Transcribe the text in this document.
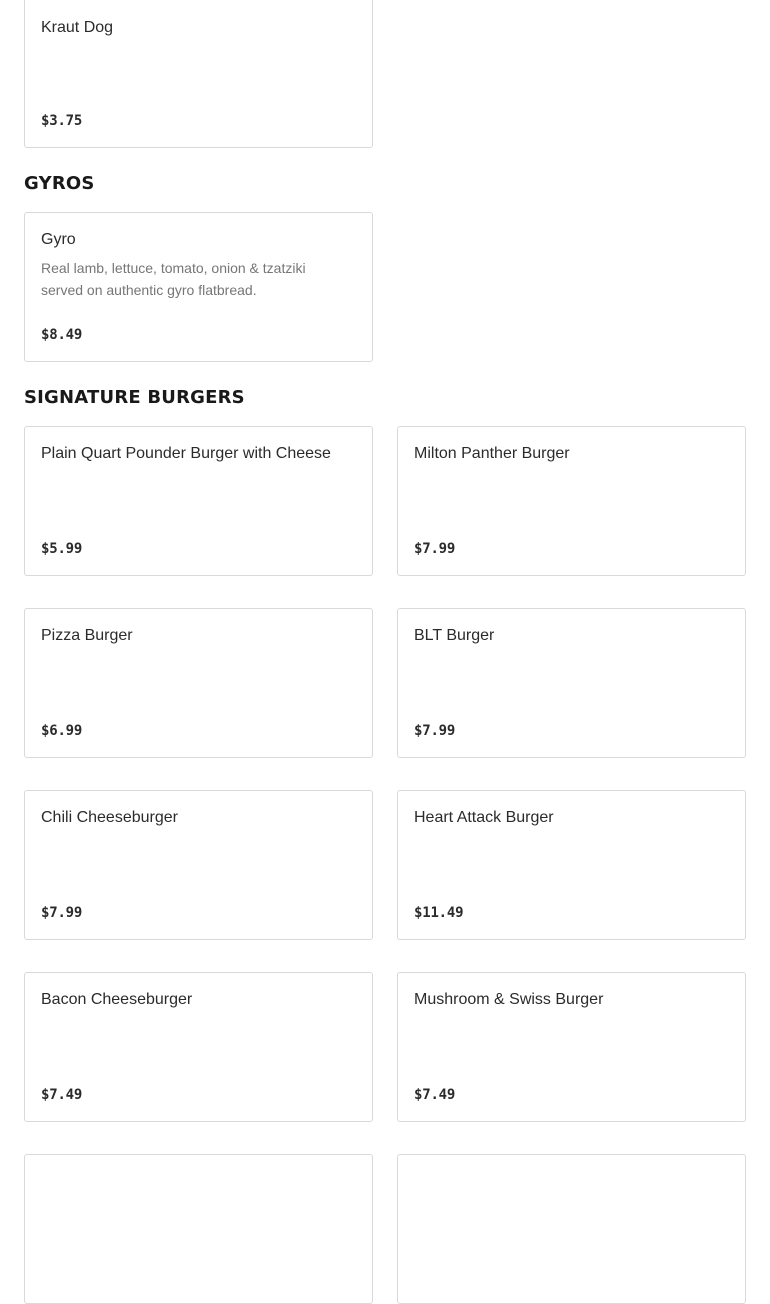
Kraut Dog
$3.75
GYROS
Gyro
Real lamb, lettuce, tomato, onion & tzatziki served on authentic gyro flatbread.
$8.49
SIGNATURE BURGERS
Plain Quart Pounder Burger with Cheese
$5.99
Milton Panther Burger
$7.99
Pizza Burger
$6.99
BLT Burger
$7.99
Chili Cheeseburger
$7.99
Heart Attack Burger
$11.49
Bacon Cheeseburger
$7.49
Mushroom & Swiss Burger
$7.49
